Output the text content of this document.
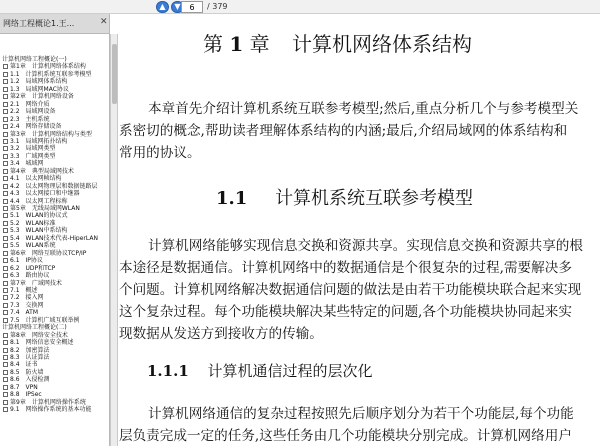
▲	▼
6	/ 379
网络工程概论1.王...	✕
计算机网络工程概论(一)
第1章　计算机网络体系结构
1.1　计算机系统互联参考模型
1.2　局域网体系结构
1.3　局域网MAC协议
第2章　计算机网络设备
2.1　网络介质
2.2　局域网设备
2.3　主机系统
2.4　网络存储设备
第3章　计算机网络结构与类型
3.1　局域网拓扑结构
3.2　局域网类型
3.3　广域网类型
3.4　城域网
第4章　典型局域网技术
4.1　以太网帧结构
4.2　以太网物理层和数据链路层
4.3　以太网接口和中继器
4.4　以太网工程标称
第5章　无线局域网WLAN
5.1　WLAN的协议式
5.2　WLAN标准
5.3　WLAN中系结构
5.4　WLAN技术代表-HiperLAN
5.5　WLAN系统
第6章　网络互联协议TCP/IP
6.1　IP协议
6.2　UDP和TCP
6.3　路由协议
第7章　广域网技术
7.1　概述
7.2　接入网
7.3　交换网
7.4　ATM
7.5　计算机广域互联举例
计算机网络工程概论(二)
第8章　网络安全技术
8.1　网络信息安全概述
8.2　加密算法
8.3　认证算法
8.4　证书
8.5　防火墙
8.6　入侵检测
8.7　VPN
8.8　IPSec
第9章　计算机网络操作系统
9.1　网络操作系统的基本功能
第 1 章 计算机网络体系结构
本章首先介绍计算机系统互联参考模型;然后,重点分析几个与参考模型关
系密切的概念,帮助读者理解体系结构的内涵;最后,介绍局域网的体系结构和
常用的协议。
1.1 计算机系统互联参考模型
计算机网络能够实现信息交换和资源共享。实现信息交换和资源共享的根
本途径是数据通信。计算机网络中的数据通信是个很复杂的过程,需要解决多
个问题。计算机网络解决数据通信问题的做法是由若干功能模块联合起来实现
这个复杂过程。每个功能模块解决某些特定的问题,各个功能模块协同起来实
现数据从发送方到接收方的传输。
1.1.1 计算机通信过程的层次化
计算机网络通信的复杂过程按照先后顺序划分为若干个功能层,每个功能
层负责完成一定的任务,这些任务由几个功能模块分别完成。计算机网络用户
